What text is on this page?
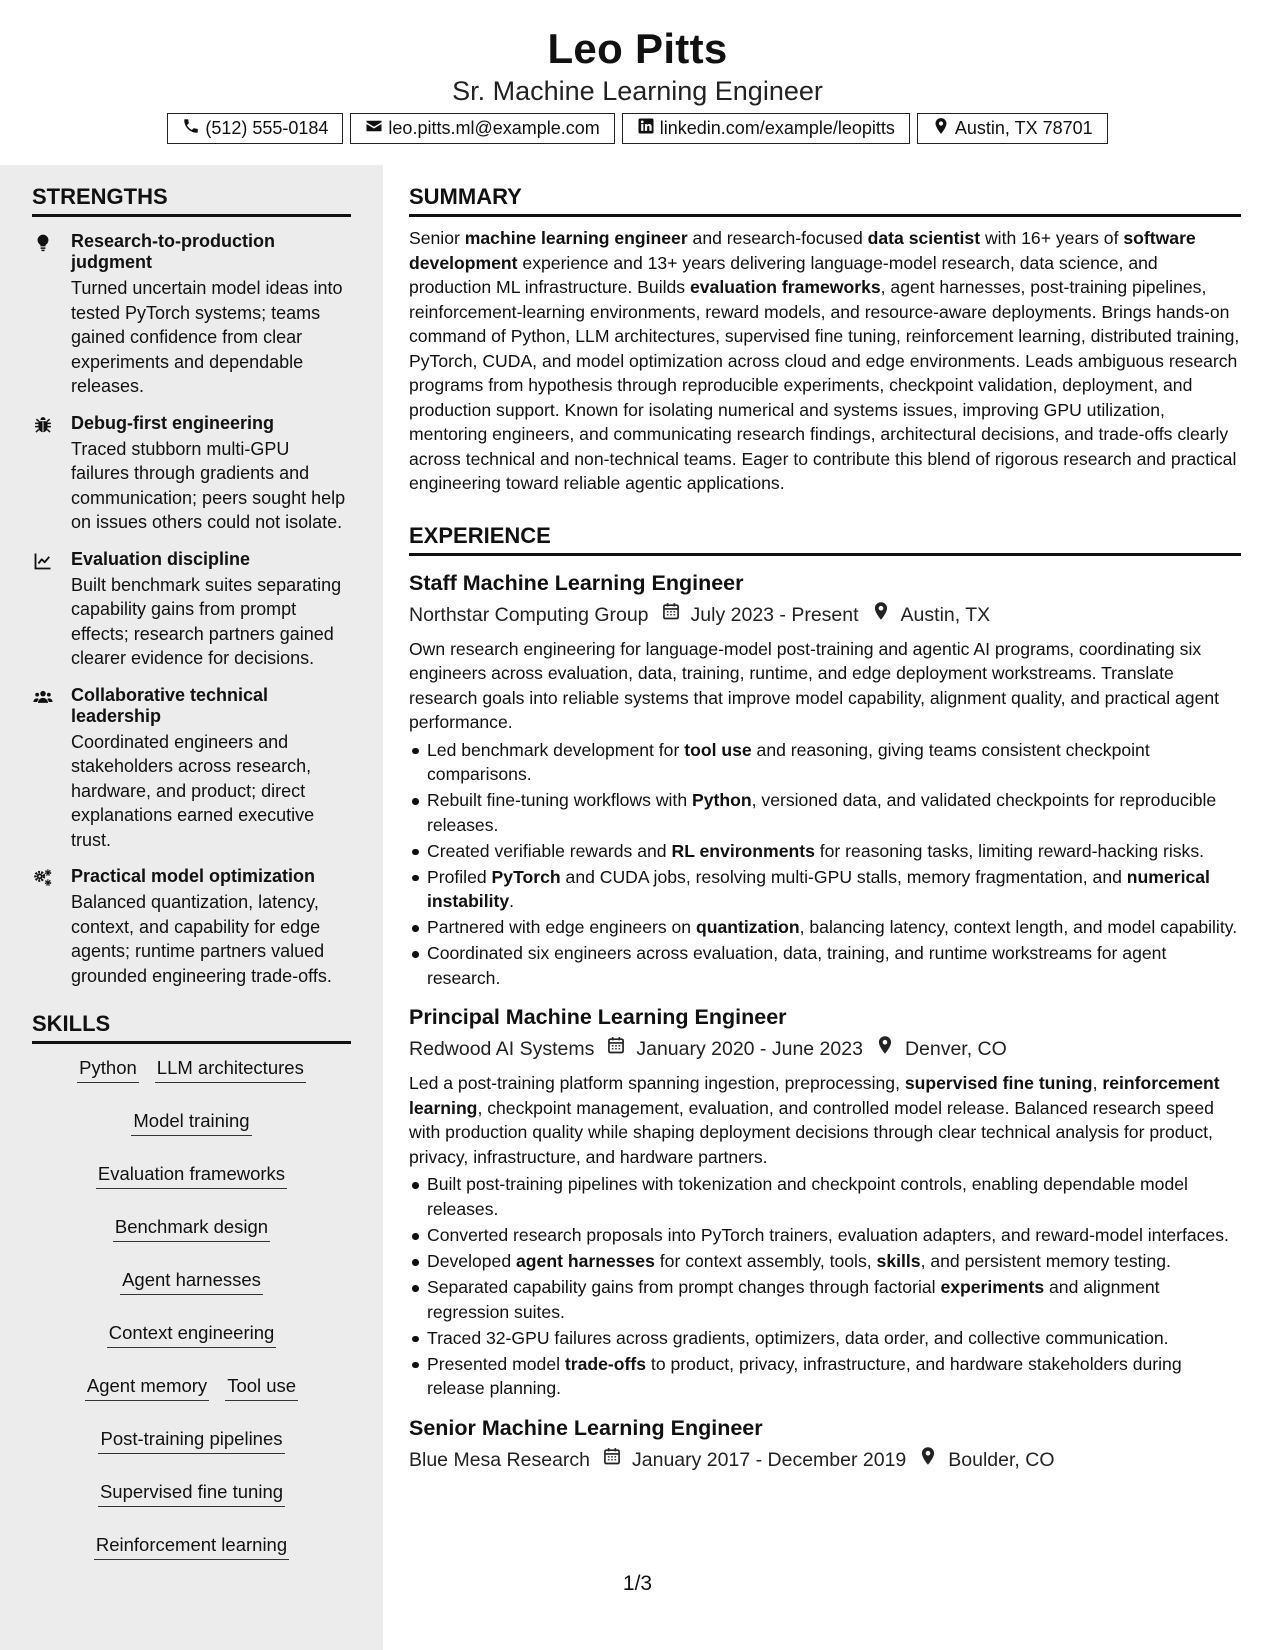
Leo Pitts
Sr. Machine Learning Engineer
(512) 555-0184	leo.pitts.ml@example.com	linkedin.com/example/leopitts	Austin, TX 78701
STRENGTHS
Research-to-production judgment
Turned uncertain model ideas into tested PyTorch systems; teams gained confidence from clear experiments and dependable releases.
Debug-first engineering
Traced stubborn multi-GPU failures through gradients and communication; peers sought help on issues others could not isolate.
Evaluation discipline
Built benchmark suites separating capability gains from prompt effects; research partners gained clearer evidence for decisions.
Collaborative technical leadership
Coordinated engineers and stakeholders across research, hardware, and product; direct explanations earned executive trust.
Practical model optimization
Balanced quantization, latency, context, and capability for edge agents; runtime partners valued grounded engineering trade-offs.
SKILLS
Python LLM architectures
Model training
Evaluation frameworks
Benchmark design
Agent harnesses
Context engineering
Agent memory Tool use
Post-training pipelines
Supervised fine tuning
Reinforcement learning
SUMMARY

Senior machine learning engineer and research-focused data scientist with 16+ years of software development experience and 13+ years delivering language-model research, data science, and production ML infrastructure. Builds evaluation frameworks, agent harnesses, post-training pipelines, reinforcement-learning environments, reward models, and resource-aware deployments. Brings hands-on command of Python, LLM architectures, supervised fine tuning, reinforcement learning, distributed training, PyTorch, CUDA, and model optimization across cloud and edge environments. Leads ambiguous research programs from hypothesis through reproducible experiments, checkpoint validation, deployment, and production support. Known for isolating numerical and systems issues, improving GPU utilization, mentoring engineers, and communicating research findings, architectural decisions, and trade-offs clearly across technical and non-technical teams. Eager to contribute this blend of rigorous research and practical engineering toward reliable agentic applications.

EXPERIENCE
Staff Machine Learning Engineer
Northstar Computing Group July 2023 - Present Austin, TX

Own research engineering for language-model post-training and agentic AI programs, coordinating six engineers across evaluation, data, training, runtime, and edge deployment workstreams. Translate research goals into reliable systems that improve model capability, alignment quality, and practical agent performance.

Led benchmark development for tool use and reasoning, giving teams consistent checkpoint comparisons.
Rebuilt fine-tuning workflows with Python, versioned data, and validated checkpoints for reproducible releases.
Created verifiable rewards and RL environments for reasoning tasks, limiting reward-hacking risks.
Profiled PyTorch and CUDA jobs, resolving multi-GPU stalls, memory fragmentation, and numerical instability.
Partnered with edge engineers on quantization, balancing latency, context length, and model capability.
Coordinated six engineers across evaluation, data, training, and runtime workstreams for agent research.
Principal Machine Learning Engineer
Redwood AI Systems January 2020 - June 2023 Denver, CO

Led a post-training platform spanning ingestion, preprocessing, supervised fine tuning, reinforcement learning, checkpoint management, evaluation, and controlled model release. Balanced research speed with production quality while shaping deployment decisions through clear technical analysis for product, privacy, infrastructure, and hardware partners.

Built post-training pipelines with tokenization and checkpoint controls, enabling dependable model releases.
Converted research proposals into PyTorch trainers, evaluation adapters, and reward-model interfaces.
Developed agent harnesses for context assembly, tools, skills, and persistent memory testing.
Separated capability gains from prompt changes through factorial experiments and alignment regression suites.
Traced 32-GPU failures across gradients, optimizers, data order, and collective communication.
Presented model trade-offs to product, privacy, infrastructure, and hardware stakeholders during release planning.
Senior Machine Learning Engineer
Blue Mesa Research January 2017 - December 2019 Boulder, CO
1/3
